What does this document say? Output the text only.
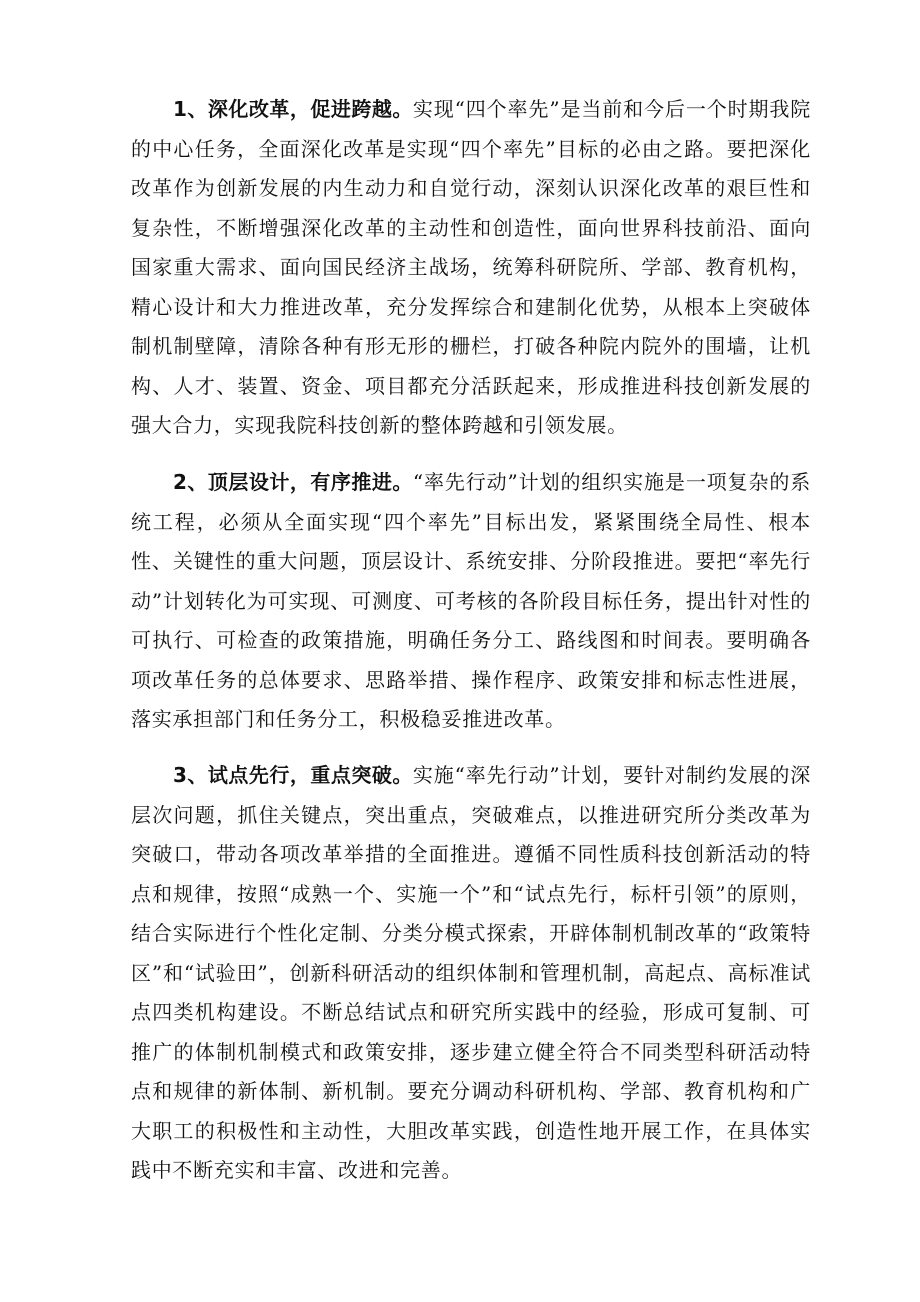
1、深化改革，促进跨越。实现“四个率先”是当前和今后一个时期我院的中心任务，全面深化改革是实现“四个率先”目标的必由之路。要把深化改革作为创新发展的内生动力和自觉行动，深刻认识深化改革的艰巨性和复杂性，不断增强深化改革的主动性和创造性，面向世界科技前沿、面向国家重大需求、面向国民经济主战场，统筹科研院所、学部、教育机构，精心设计和大力推进改革，充分发挥综合和建制化优势，从根本上突破体制机制壁障，清除各种有形无形的栅栏，打破各种院内院外的围墙，让机构、人才、装置、资金、项目都充分活跃起来，形成推进科技创新发展的强大合力，实现我院科技创新的整体跨越和引领发展。

2、顶层设计，有序推进。“率先行动”计划的组织实施是一项复杂的系统工程，必须从全面实现“四个率先”目标出发，紧紧围绕全局性、根本性、关键性的重大问题，顶层设计、系统安排、分阶段推进。要把“率先行动”计划转化为可实现、可测度、可考核的各阶段目标任务，提出针对性的可执行、可检查的政策措施，明确任务分工、路线图和时间表。要明确各项改革任务的总体要求、思路举措、操作程序、政策安排和标志性进展，落实承担部门和任务分工，积极稳妥推进改革。

3、试点先行，重点突破。实施“率先行动”计划，要针对制约发展的深层次问题，抓住关键点，突出重点，突破难点，以推进研究所分类改革为突破口，带动各项改革举措的全面推进。遵循不同性质科技创新活动的特点和规律，按照“成熟一个、实施一个”和“试点先行，标杆引领”的原则，结合实际进行个性化定制、分类分模式探索，开辟体制机制改革的“政策特区”和“试验田”，创新科研活动的组织体制和管理机制，高起点、高标准试点四类机构建设。不断总结试点和研究所实践中的经验，形成可复制、可推广的体制机制模式和政策安排，逐步建立健全符合不同类型科研活动特点和规律的新体制、新机制。要充分调动科研机构、学部、教育机构和广大职工的积极性和主动性，大胆改革实践，创造性地开展工作，在具体实践中不断充实和丰富、改进和完善。
